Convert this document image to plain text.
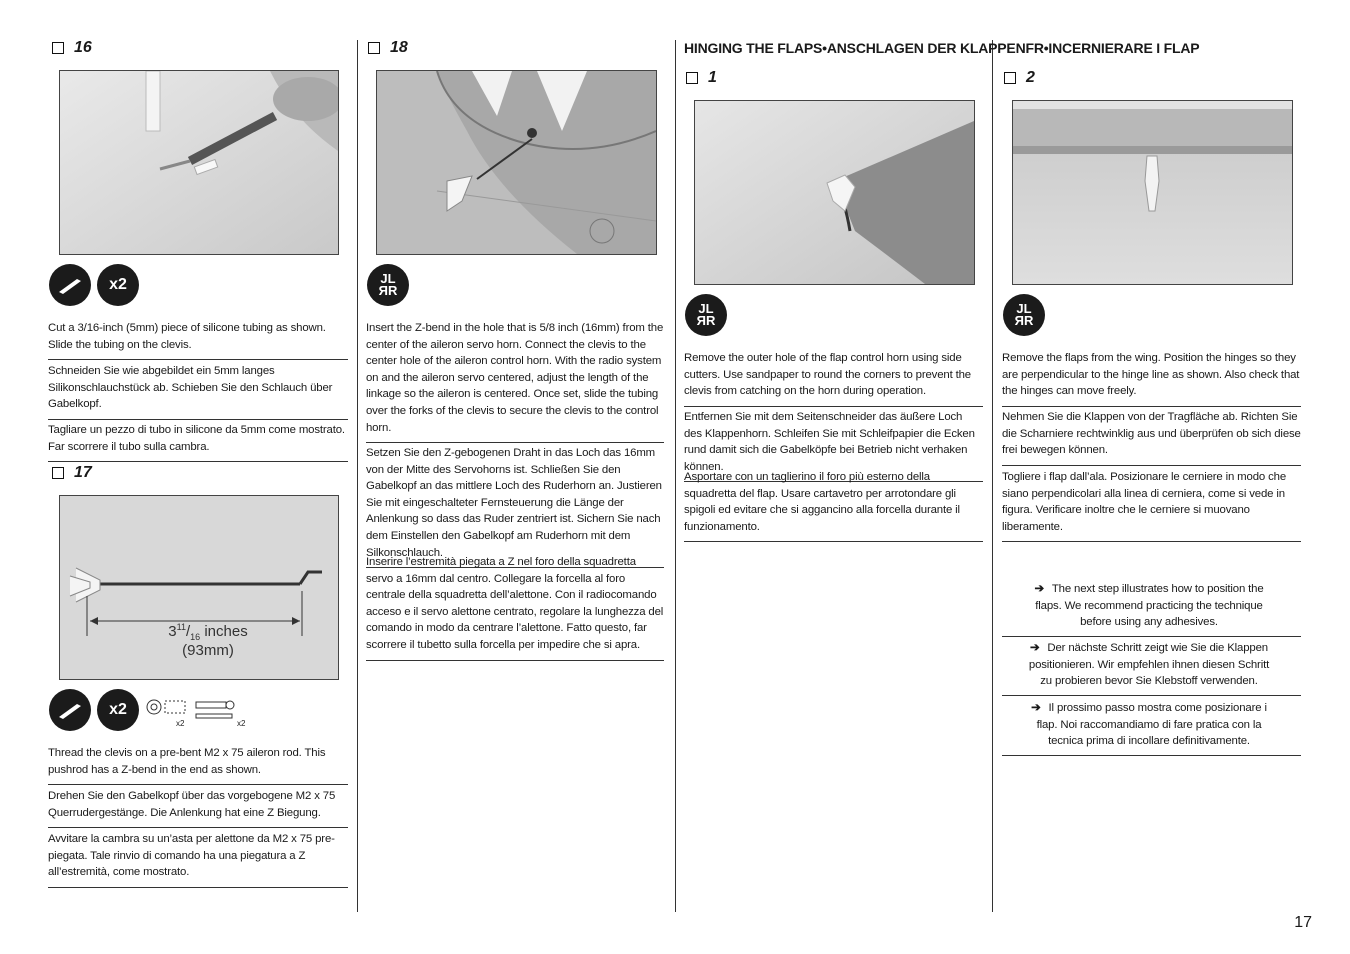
16
x2
Cut a 3/16-inch (5mm) piece of silicone tubing as shown. Slide the tubing on the clevis.
Schneiden Sie wie abgebildet ein 5mm langes Silikonschlauchstück ab. Schieben Sie den Schlauch über Gabelkopf.
Tagliare un pezzo di tubo in silicone da 5mm come mostrato. Far scorrere il tubo sulla cambra.
17
$3^{11}/_{16}$ inches
(93mm)
x2
x2	x2
Thread the clevis on a pre-bent M2 x 75 aileron rod. This pushrod has a Z-bend in the end as shown.
Drehen Sie den Gabelkopf über das vorgebogene M2 x 75 Querrudergestänge. Die Anlenkung hat eine Z Biegung.
Avvitare la cambra su un’asta per alettone da M2 x 75 pre-piegata. Tale rinvio di comando ha una piegatura a Z all’estremità, come mostrato.
18
JL
ЯR
Insert the Z-bend in the hole that is 5/8 inch (16mm) from the center of the aileron servo horn. Connect the clevis to the center hole of the aileron control horn. With the radio system on and the aileron servo centered, adjust the length of the linkage so the aileron is centered. Once set, slide the tubing over the forks of the clevis to secure the clevis to the control horn.
Setzen Sie den Z-gebogenen Draht in das Loch das 16mm von der Mitte des Servohorns ist. Schließen Sie den Gabelkopf an das mittlere Loch des Ruderhorn an. Justieren Sie mit eingeschalteter Fernsteuerung die Länge der Anlenkung so dass das Ruder zentriert ist. Sichern Sie nach dem Einstellen den Gabelkopf am Ruderhorn mit dem Silkonschlauch.
Inserire l’estremità piegata a Z nel foro della squadretta servo a 16mm dal centro. Collegare la forcella al foro centrale della squadretta dell’alettone. Con il radiocomando acceso e il servo alettone centrato, regolare la lunghezza del comando in modo da centrare l’alettone. Fatto questo, far scorrere il tubetto sulla forcella per impedire che si apra.
HINGING THE FLAPS•ANSCHLAGEN DER KLAPPENFR•INCERNIERARE I FLAP
1
JL
ЯR
Remove the outer hole of the flap control horn using side cutters. Use sandpaper to round the corners to prevent the clevis from catching on the horn during operation.
Entfernen Sie mit dem Seitenschneider das äußere Loch des Klappenhorn. Schleifen Sie mit Schleifpapier die Ecken rund damit sich die Gabelköpfe bei Betrieb nicht verhaken können.
Asportare con un taglierino il foro più esterno della squadretta del flap. Usare cartavetro per arrotondare gli spigoli ed evitare che si aggancino alla forcella durante il funzionamento.
2
JL
ЯR
Remove the flaps from the wing. Position the hinges so they are perpendicular to the hinge line as shown. Also check that the hinges can move freely.
Nehmen Sie die Klappen von der Tragfläche ab. Richten Sie die Scharniere rechtwinklig aus und überprüfen ob sich diese frei bewegen können.
Togliere i flap dall’ala. Posizionare le cerniere in modo che siano perpendicolari alla linea di cerniera, come si vede in figura. Verificare inoltre che le cerniere si muovano liberamente.
➔ The next step illustrates how to position the flaps. We recommend practicing the technique before using any adhesives.
➔ Der nächste Schritt zeigt wie Sie die Klappen positionieren. Wir empfehlen ihnen diesen Schritt zu probieren bevor Sie Klebstoff verwenden.
➔ Il prossimo passo mostra come posizionare i flap. Noi raccomandiamo di fare pratica con la tecnica prima di incollare definitivamente.
17
